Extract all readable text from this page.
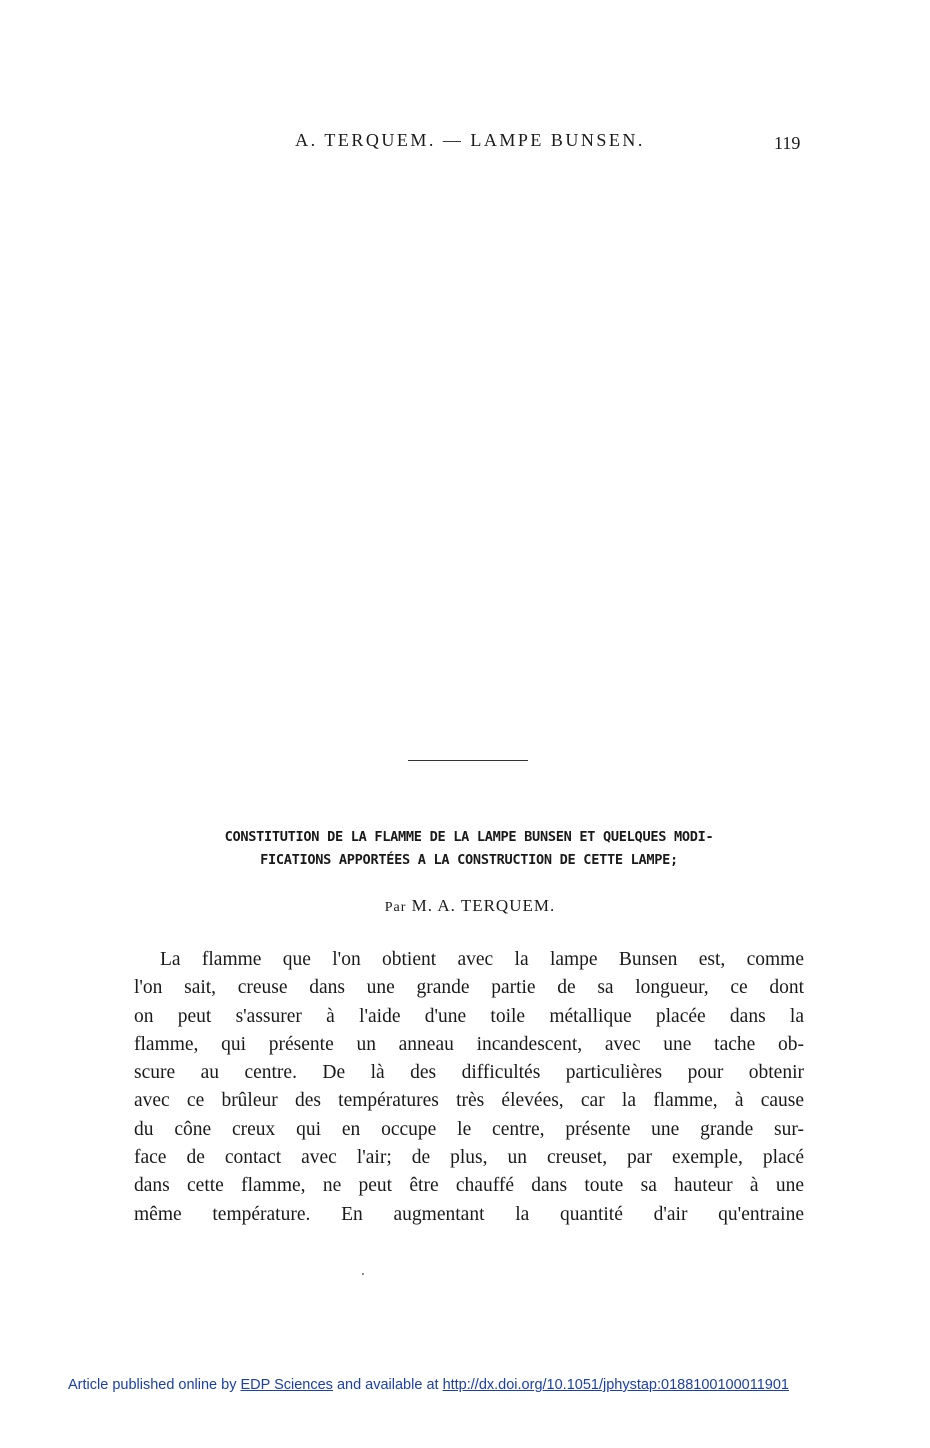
A. TERQUEM. — LAMPE BUNSEN.	119
CONSTITUTION DE LA FLAMME DE LA LAMPE BUNSEN ET QUELQUES MODI-
FICATIONS APPORTÉES A LA CONSTRUCTION DE CETTE LAMPE;
Par M. A. TERQUEM.
La flamme que l'on obtient avec la lampe Bunsen est, comme
l'on sait, creuse dans une grande partie de sa longueur, ce dont
on peut s'assurer à l'aide d'une toile métallique placée dans la
flamme, qui présente un anneau incandescent, avec une tache ob-
scure au centre. De là des difficultés particulières pour obtenir
avec ce brûleur des températures très élevées, car la flamme, à cause
du cône creux qui en occupe le centre, présente une grande sur-
face de contact avec l'air; de plus, un creuset, par exemple, placé
dans cette flamme, ne peut être chauffé dans toute sa hauteur à une
même température. En augmentant la quantité d'air qu'entraine
Article published online by EDP Sciences and available at http://dx.doi.org/10.1051/jphystap:0188100100011901
